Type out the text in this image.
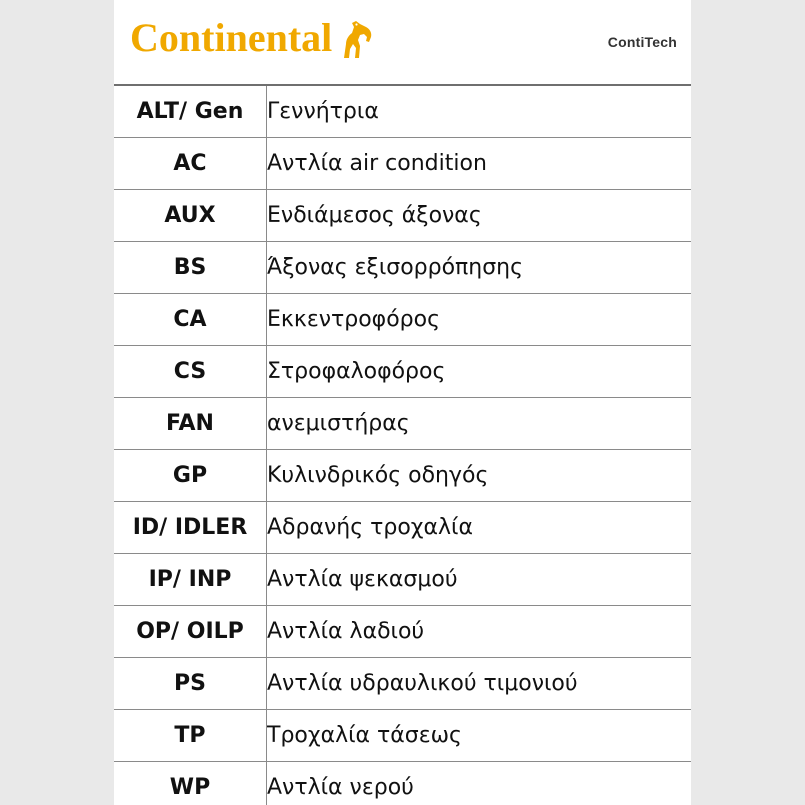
Continental	ContiTech
ALT/ Gen	Γεννήτρια
AC	Αντλία air condition
AUX	Ενδιάμεσος άξονας
BS	Άξονας εξισορρόπησης
CA	Εκκεντροφόρος
CS	Στροφαλοφόρος
FAN	ανεμιστήρας
GP	Κυλινδρικός οδηγός
ID/ IDLER	Αδρανής τροχαλία
IP/ INP	Αντλία ψεκασμού
OP/ OILP	Αντλία λαδιού
PS	Αντλία υδραυλικού τιμονιού
TP	Τροχαλία τάσεως
WP	Αντλία νερού
